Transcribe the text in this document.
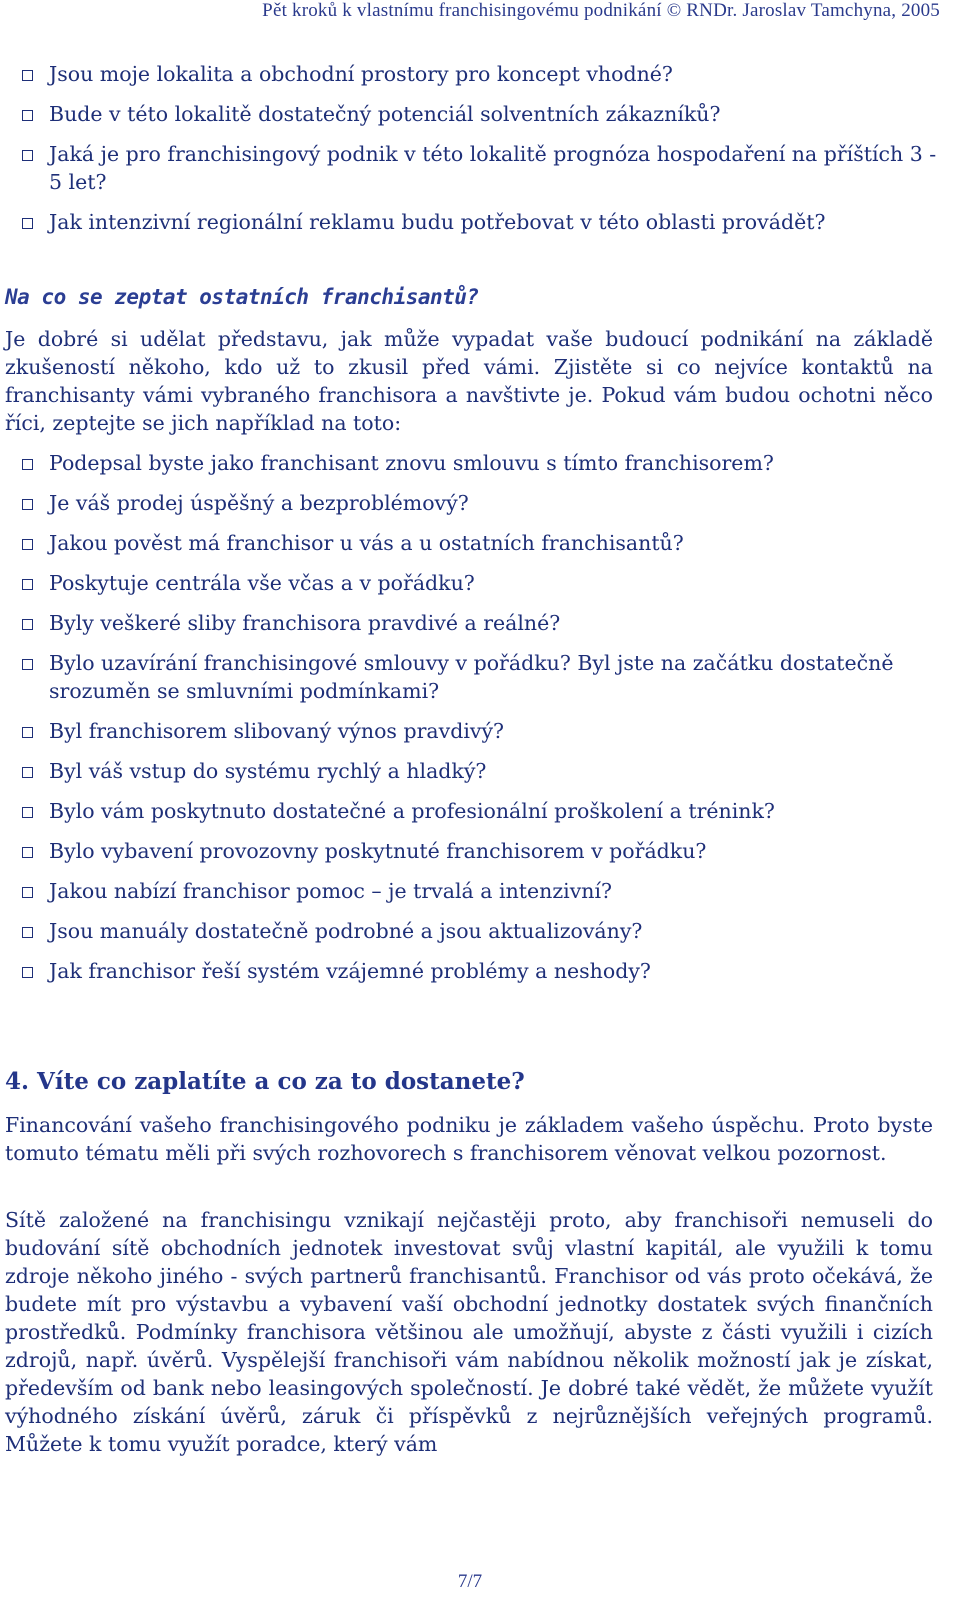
Pět kroků k vlastnímu franchisingovému podnikání © RNDr. Jaroslav Tamchyna, 2005
Jsou moje lokalita a obchodní prostory pro koncept vhodné?
Bude v této lokalitě dostatečný potenciál solventních zákazníků?
Jaká je pro franchisingový podnik v této lokalitě prognóza hospodaření na příštích 3 - 5 let?
Jak intenzivní regionální reklamu budu potřebovat v této oblasti provádět?
Na co se zeptat ostatních franchisantů?

Je dobré si udělat představu, jak může vypadat vaše budoucí podnikání na základě zkušeností někoho, kdo už to zkusil před vámi. Zjistěte si co nejvíce kontaktů na franchisanty vámi vybraného franchisora a navštivte je. Pokud vám budou ochotni něco říci, zeptejte se jich například na toto:

Podepsal byste jako franchisant znovu smlouvu s tímto franchisorem?
Je váš prodej úspěšný a bezproblémový?
Jakou pověst má franchisor u vás a u ostatních franchisantů?
Poskytuje centrála vše včas a v pořádku?
Byly veškeré sliby franchisora pravdivé a reálné?
Bylo uzavírání franchisingové smlouvy v pořádku? Byl jste na začátku dostatečně srozuměn se smluvními podmínkami?
Byl franchisorem slibovaný výnos pravdivý?
Byl váš vstup do systému rychlý a hladký?
Bylo vám poskytnuto dostatečné a profesionální proškolení a trénink?
Bylo vybavení provozovny poskytnuté franchisorem v pořádku?
Jakou nabízí franchisor pomoc – je trvalá a intenzivní?
Jsou manuály dostatečně podrobné a jsou aktualizovány?
Jak franchisor řeší systém vzájemné problémy a neshody?
4. Víte co zaplatíte a co za to dostanete?

Financování vašeho franchisingového podniku je základem vašeho úspěchu. Proto byste tomuto tématu měli při svých rozhovorech s franchisorem věnovat velkou pozornost.

Sítě založené na franchisingu vznikají nejčastěji proto, aby franchisoři nemuseli do budování sítě obchodních jednotek investovat svůj vlastní kapitál, ale využili k tomu zdroje někoho jiného - svých partnerů franchisantů. Franchisor od vás proto očekává, že budete mít pro výstavbu a vybavení vaší obchodní jednotky dostatek svých finančních prostředků. Podmínky franchisora většinou ale umožňují, abyste z části využili i cizích zdrojů, např. úvěrů. Vyspělejší franchisoři vám nabídnou několik možností jak je získat, především od bank nebo leasingových společností. Je dobré také vědět, že můžete využít výhodného získání úvěrů, záruk či příspěvků z nejrůznějších veřejných programů. Můžete k tomu využít poradce, který vám

7/7
